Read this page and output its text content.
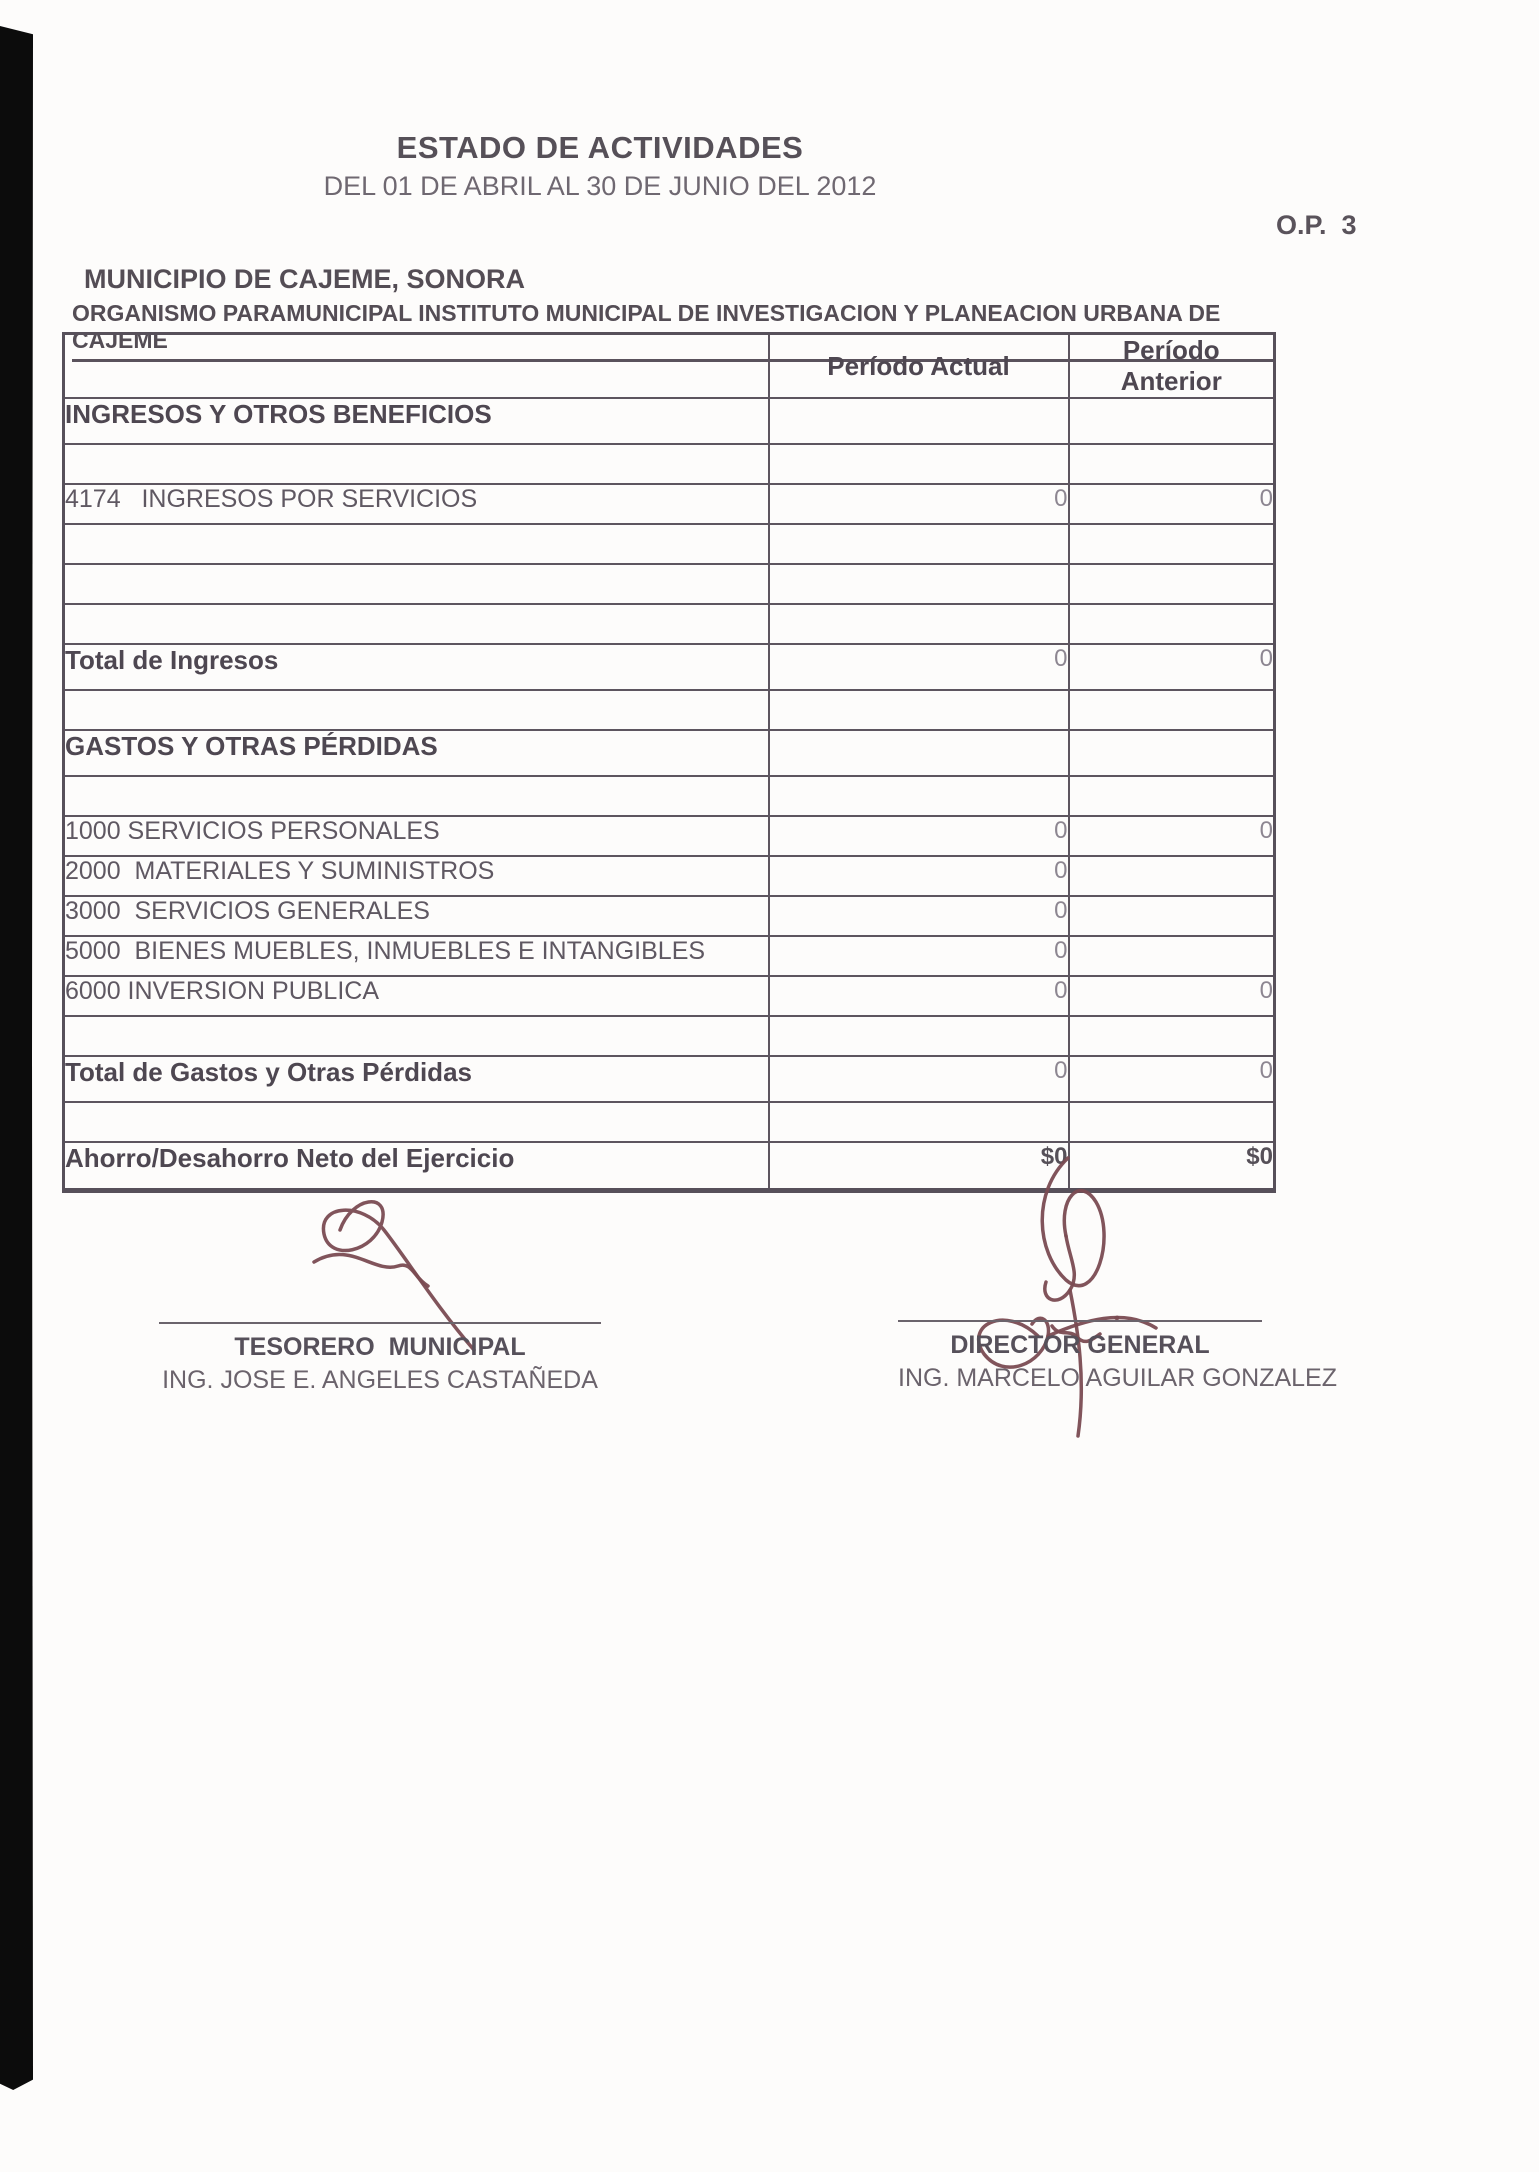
ESTADO DE ACTIVIDADES
DEL 01 DE ABRIL AL 30 DE JUNIO DEL 2012
O.P.  3
MUNICIPIO DE CAJEME, SONORA
ORGANISMO PARAMUNICIPAL INSTITUTO MUNICIPAL DE INVESTIGACION Y PLANEACION URBANA DE CAJEME
	Período Actual	Período Anterior
INGRESOS Y OTROS BENEFICIOS		

4174   INGRESOS POR SERVICIOS	0	0

Total de Ingresos	0	0

GASTOS Y OTRAS PÉRDIDAS		

1000 SERVICIOS PERSONALES	0	0
2000  MATERIALES Y SUMINISTROS	0	
3000  SERVICIOS GENERALES	0	
5000  BIENES MUEBLES, INMUEBLES E INTANGIBLES	0	
6000 INVERSION PUBLICA	0	0

Total de Gastos y Otras Pérdidas	0	0

Ahorro/Desahorro Neto del Ejercicio	$0	$0
TESORERO  MUNICIPAL
ING. JOSE E. ANGELES CASTAÑEDA
DIRECTOR GENERAL
ING. MARCELO AGUILAR GONZALEZ
